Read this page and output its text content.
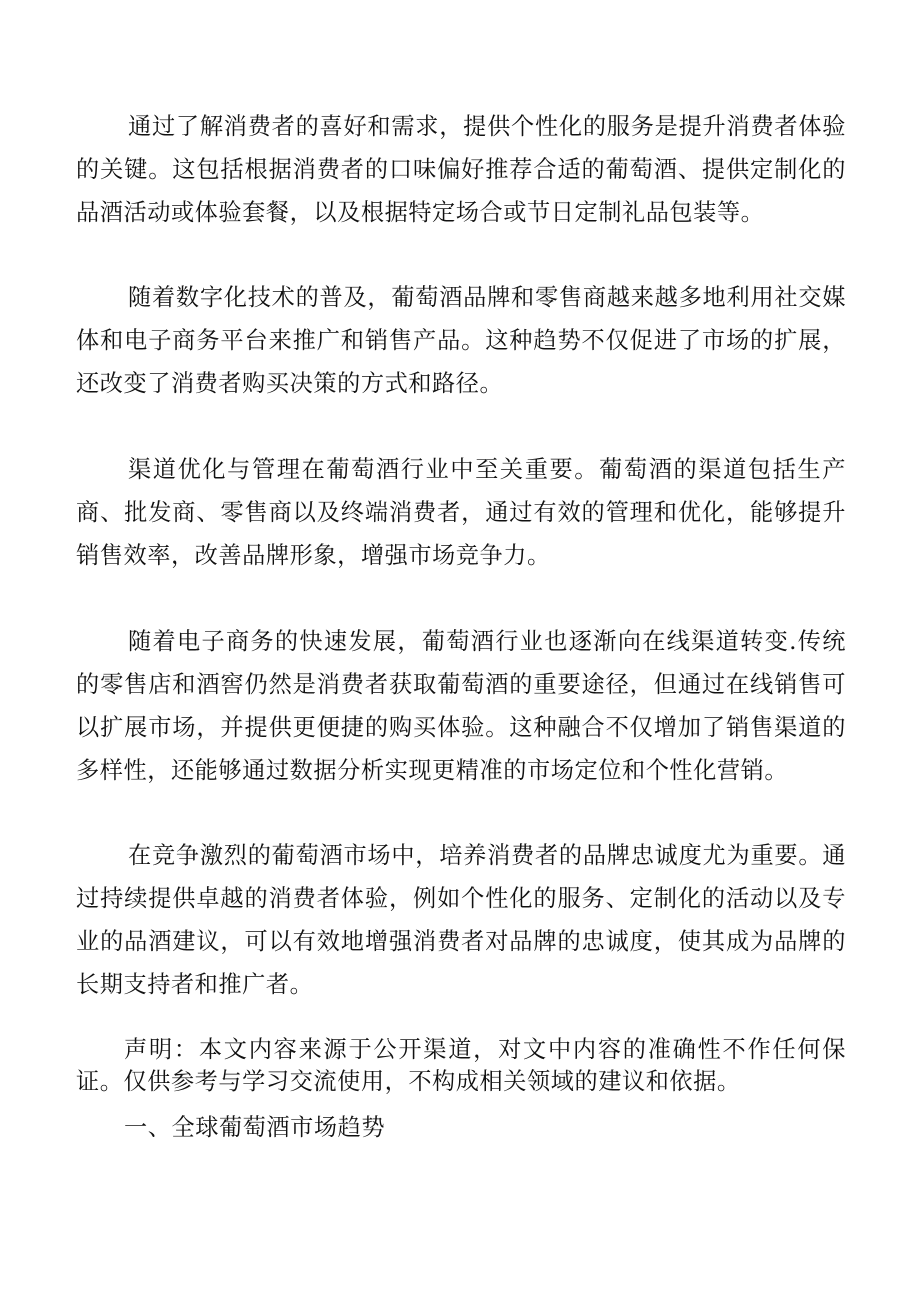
通过了解消费者的喜好和需求，提供个性化的服务是提升消费者体验的关键。这包括根据消费者的口味偏好推荐合适的葡萄酒、提供定制化的品酒活动或体验套餐，以及根据特定场合或节日定制礼品包装等。

随着数字化技术的普及，葡萄酒品牌和零售商越来越多地利用社交媒体和电子商务平台来推广和销售产品。这种趋势不仅促进了市场的扩展，还改变了消费者购买决策的方式和路径。

渠道优化与管理在葡萄酒行业中至关重要。葡萄酒的渠道包括生产商、批发商、零售商以及终端消费者，通过有效的管理和优化，能够提升销售效率，改善品牌形象，增强市场竞争力。

随着电子商务的快速发展，葡萄酒行业也逐渐向在线渠道转变.传统的零售店和酒窖仍然是消费者获取葡萄酒的重要途径，但通过在线销售可以扩展市场，并提供更便捷的购买体验。这种融合不仅增加了销售渠道的多样性，还能够通过数据分析实现更精准的市场定位和个性化营销。

在竞争激烈的葡萄酒市场中，培养消费者的品牌忠诚度尤为重要。通过持续提供卓越的消费者体验，例如个性化的服务、定制化的活动以及专业的品酒建议，可以有效地增强消费者对品牌的忠诚度，使其成为品牌的长期支持者和推广者。

声明：本文内容来源于公开渠道，对文中内容的准确性不作任何保证。仅供参考与学习交流使用，不构成相关领域的建议和依据。

一、全球葡萄酒市场趋势
